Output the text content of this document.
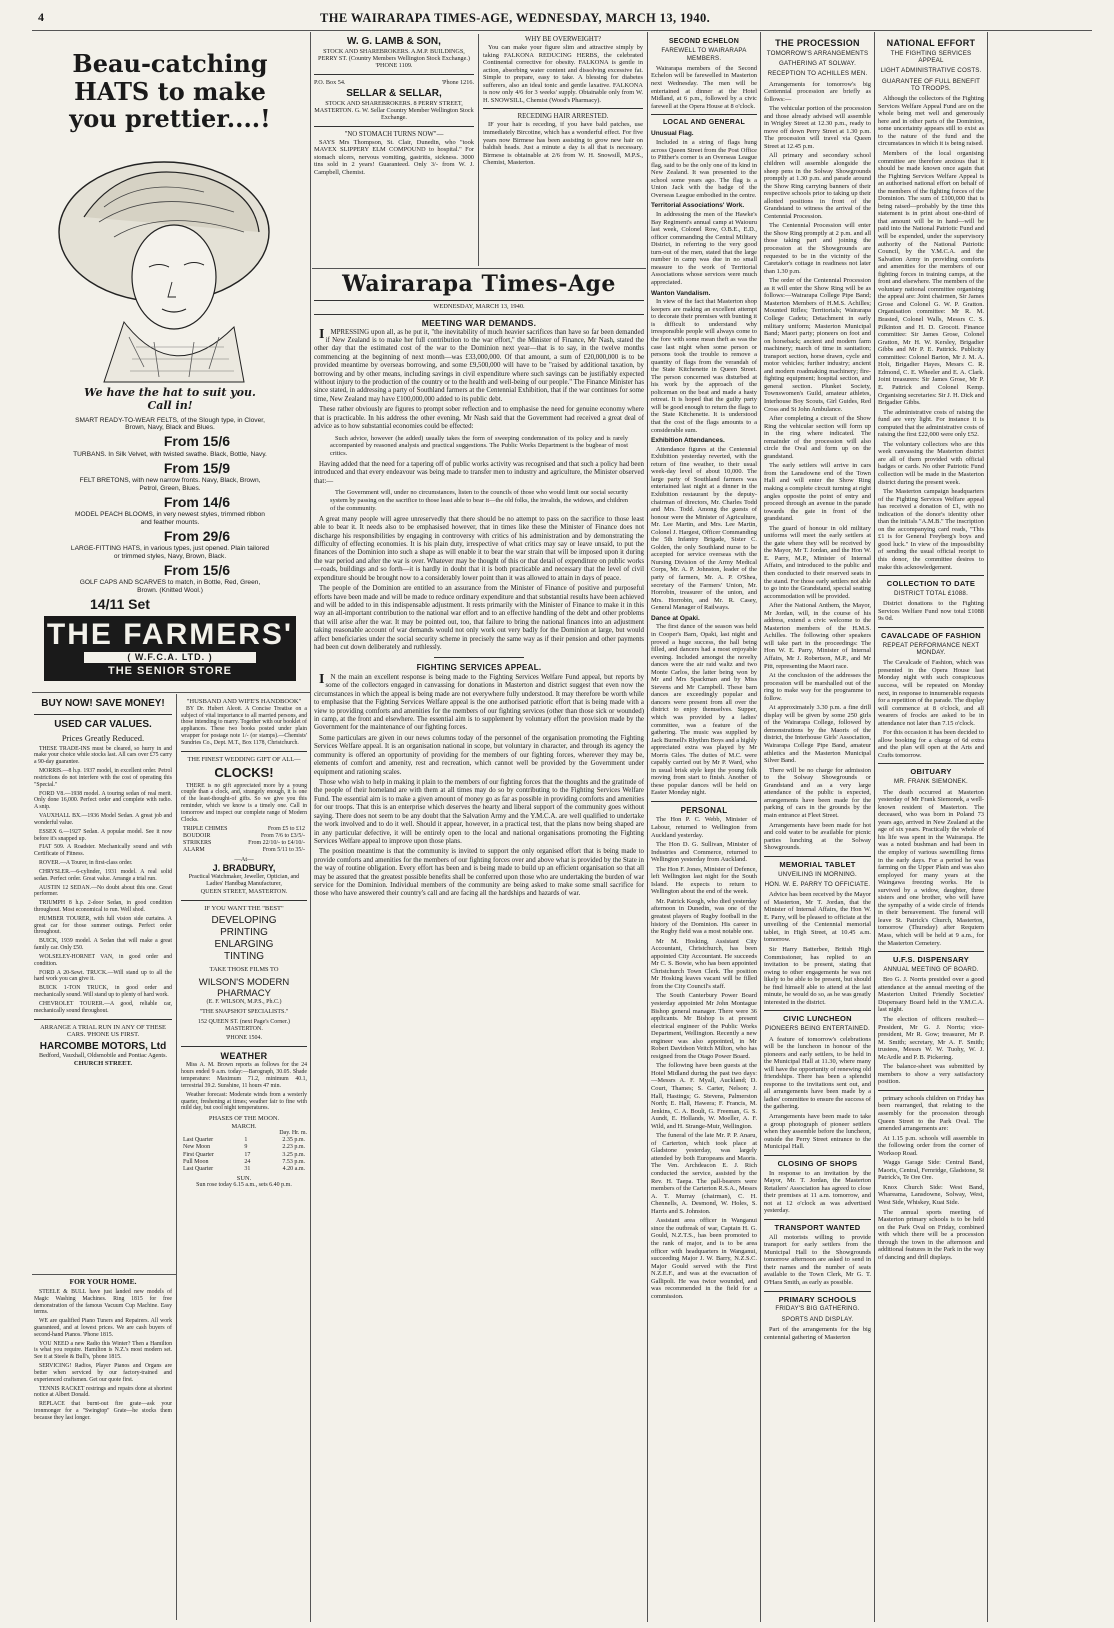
4	THE WAIRARAPA TIMES-AGE, WEDNESDAY, MARCH 13, 1940.
Beau-catching HATS to make you prettier....!
We have the hat to suit you. Call in!
SMART READY-TO-WEAR FELTS, of the Slough type, in Clover, Brown, Navy, Black and Blues.
From 15/6
TURBANS. In Silk Velvet, with twisted swathe. Black, Bottle, Navy.
From 15/9
FELT BRETONS, with new narrow fronts. Navy, Black, Brown, Petrol, Green, Blues.
From 14/6
MODEL PEACH BLOOMS, in very newest styles, trimmed ribbon and feather mounts.
From 29/6
LARGE-FITTING HATS, in various types, just opened. Plain tailored or trimmed styles, Navy, Brown, Black.
From 15/6
GOLF CAPS AND SCARVES to match, in Bottle, Red, Green, Brown. (Knitted Wool.)
14/11 Set
THE FARMERS'
( W.F.C.A. LTD. )
THE SENIOR STORE
BUY NOW! SAVE MONEY!
USED CAR VALUES.
Prices Greatly Reduced.

THESE TRADE-INS must be cleared, so hurry in and make your choice while stocks last. All cars over £75 carry a 90-day guarantee.

MORRIS.—8 h.p. 1937 model, in excellent order. Petrol restrictions do not interfere with the cost of operating this "Special."

FORD V8.—1938 model. A touring sedan of real merit. Only done 16,000. Perfect order and complete with radio. A snip.

VAUXHALL BX.—1936 Model Sedan. A great job and wonderful value.

ESSEX 6.—1927 Sedan. A popular model. See it now before it's snapped up.

FIAT 509. A Roadster. Mechanically sound and with Certificate of Fitness.

ROVER.—A Tourer, in first-class order.

CHRYSLER.—6-cylinder, 1931 model. A real solid sedan. Perfect order. Great value. Arrange a trial run.

AUSTIN 12 SEDAN.—No doubt about this one. Great performer.

TRIUMPH 8 h.p. 2-door Sedan, in good condition throughout. Most economical to run. Well shod.

HUMBER TOURER, with full vision side curtains. A great car for those summer outings. Perfect order throughout.

BUICK, 1939 model. A Sedan that will make a great family car. Only £50.

WOLSELEY-HORNET VAN, in good order and condition.

FORD A 20-Sewt. TRUCK.—Will stand up to all the hard work you can give it.

BUICK 1-TON TRUCK, in good order and mechanically sound. Will stand up to plenty of hard work.

CHEVROLET TOURER.—A good, reliable car, mechanically sound throughout.

ARRANGE A TRIAL RUN IN ANY OF THESE CARS. 'PHONE US FIRST.
HARCOMBE MOTORS, Ltd
Bedford, Vauxhall, Oldsmobile and Pontiac Agents.
CHURCH STREET.
FOR YOUR HOME.

STEELE & BULL have just landed new models of Magic Washing Machines. Ring 1815 for free demonstration of the famous Vacuum Cup Machine. Easy terms.

WE are qualified Piano Tuners and Repairers. All work guaranteed, and at lowest prices. We are cash buyers of second-hand Pianos. 'Phone 1815.

YOU NEED a new Radio this Winter? Then a Hamilton is what you require. Hamilton is N.Z.'s most modern set. See it at Steele & Bull's, 'phone 1815.

SERVICING! Radios, Player Pianos and Organs are better when serviced by our factory-trained and experienced craftsmen. Get our quote first.

TENNIS RACKET restrings and repairs done at shortest notice at Albert Donald.

REPLACE that burnt-out fire grate—ask your ironmonger for a "Swingtop" Grate—he stocks them because they last longer.

"HUSBAND AND WIFE'S HANDBOOK"

BY Dr. Hubert Aleott. A Concise Treatise on a subject of vital importance to all married persons, and those intending to marry. Together with our booklet of appliances. These two books posted under plain wrapper for postage note 1/- (or stamps).—Chemists' Sundries Co., Dept. M.T., Box 1178, Christchurch.

THE FINEST WEDDING GIFT OF ALL—
CLOCKS!

THERE is no gift appreciated more by a young couple than a clock, and, strangely enough, it is one of the least-thought-of gifts. So we give you this reminder, which we know is a timely one. Call in tomorrow and inspect our complete range of Modern Clocks.

TRIPLE CHIMES	From £5 to £12
BOUDOIR	From 7/6 to £3/5/-
STRIKERS	From 22/10/- to £4/10/-
ALARM	From 5/11 to 35/-
—At—
J. BRADBURY,
Practical Watchmaker, Jeweller, Optician, and Ladies' Handbag Manufacturer,
QUEEN STREET, MASTERTON.
IF YOU WANT THE "BEST"
DEVELOPING
PRINTING
ENLARGING
TINTING
TAKE THOSE FILMS TO
WILSON'S MODERN PHARMACY
(E. F. WILSON, M.P.S., Ph.C.)
"THE SNAPSHOT SPECIALISTS."
152 QUEEN ST. (next Page's Corner.) MASTERTON.
'PHONE 1504.
WEATHER

Miss A. M. Brown reports as follows for the 24 hours ended 9 a.m. today:—Barograph, 30.05. Shade temperature: Maximum 71.2, minimum 40.1, terrestrial 39.2. Sunshine, 11 hours 47 min.

Weather forecast: Moderate winds from a westerly quarter, freshening at times; weather fair to fine with mild day, but cool night temperatures.

PHASES OF THE MOON.
MARCH.
Day. Hr. m.
Last Quarter	1	2.35 p.m.
New Moon	9	2.23 p.m.
First Quarter	17	3.25 p.m.
Full Moon	24	7.53 p.m.
Last Quarter	31	4.20 a.m.
SUN.
Sun rose today 6.15 a.m., sets 6.40 p.m.
W. G. LAMB & SON,
STOCK AND SHAREBROKERS. A.M.P. BUILDINGS, PERRY ST. (Country Members Wellington Stock Exchange.)
'PHONE 1109.
P.O. Box 54.	'Phone 1216.
SELLAR & SELLAR,
STOCK AND SHAREBROKERS. 8 PERRY STREET, MASTERTON. G. W. Sellar Country Member Wellington Stock Exchange.
"NO STOMACH TURNS NOW"—

SAYS Mrs Thompson, St. Clair, Dunedin, who "took MAVEX SLIPPERY ELM COMPOUND to hospital." For stomach ulcers, nervous vomiting, gastritis, sickness. 3000 tins sold in 2 years! Guaranteed. Only 3/- from W. J. Campbell, Chemist.

WHY BE OVERWEIGHT?

You can make your figure slim and attractive simply by taking FALKONA REDUCING HERBS, the celebrated Continental corrective for obesity. FALKONA is gentle in action, absorbing water content and dissolving excessive fat. Simple to prepare, easy to take. A blessing for diabetes sufferers, also an ideal tonic and gentle laxative. FALKONA is now only 4/6 for 3 weeks' supply. Obtainable only from W. H. SNOWSILL, Chemist (Wood's Pharmacy).

RECEDING HAIR ARRESTED.

IF your hair is receding, if you have bald patches, use immediately Bircotine, which has a wonderful effect. For five years now Birmese has been assisting to grow new hair on baldish heads. Just a minute a day is all that is necessary. Birmese is obtainable at 2/6 from W. H. Snowsill, M.P.S., Chemist, Masterton.

Wairarapa Times-Age
WEDNESDAY, MARCH 13, 1940.
MEETING WAR DEMANDS.

IMPRESSING upon all, as he put it, "the inevitability of much heavier sacrifices than have so far been demanded if New Zealand is to make her full contribution to the war effort," the Minister of Finance, Mr Nash, stated the other day that the estimated cost of the war to the Dominion next year—that is to say, in the twelve months commencing at the beginning of next month—was £33,000,000. Of that amount, a sum of £20,000,000 is to be provided meantime by overseas borrowing, and some £9,500,000 will have to be "raised by additional taxation, by borrowing and by other means, including savings in civil expenditure where such savings can be justifiably expected without injury to the production of the country or to the health and well-being of our people." The Finance Minister has since stated, in addressing a party of Southland farmers at the Centennial Exhibition, that if the war continues for some time, New Zealand may have £100,000,000 added to its public debt.

These rather obviously are figures to prompt sober reflection and to emphasise the need for genuine economy where that is practicable. In his address the other evening, Mr Nash said that the Government had received a great deal of advice as to how substantial economies could be effected:

Such advice, however (he added) usually takes the form of sweeping condemnation of its policy and is rarely accompanied by reasoned analysis and practical suggestions. The Public Works Department is the bugbear of most critics.

Having added that the need for a tapering off of public works activity was recognised and that such a policy had been introduced and that every endeavour was being made to transfer men to industry and agriculture, the Minister observed that:—

The Government will, under no circumstances, listen to the councils of those who would limit our social security system by passing on the sacrifice to those least able to bear it—the old folks, the invalids, the widows, and children of the community.

A great many people will agree unreservedly that there should be no attempt to pass on the sacrifice to those least able to bear it. It needs also to be emphasised however, that in times like these the Minister of Finance does not discharge his responsibilities by engaging in controversy with critics of his administration and by demonstrating the difficulty of effecting economies. It is his plain duty, irrespective of what critics may say or leave unsaid, to put the finances of the Dominion into such a shape as will enable it to bear the war strain that will be imposed upon it during the war period and after the war is over. Whatever may be thought of this or that detail of expenditure on public works—roads, buildings and so forth—it is hardly in doubt that it is both practicable and necessary that the level of civil expenditure should be brought now to a considerably lower point than it was allowed to attain in days of peace.

The people of the Dominion are entitled to an assurance from the Minister of Finance of positive and purposeful efforts have been made and will be made to reduce ordinary expenditure and that substantial results have been achieved and will be added to in this indispensable adjustment. It rests primarily with the Minister of Finance to make it in this way an all-important contribution to the national war effort and to an effective handling of the debt and other problems that will arise after the war. It may be pointed out, too, that failure to bring the national finances into an adjustment taking reasonable account of war demands would not only work out very badly for the Dominion at large, but would affect beneficiaries under the social security scheme in precisely the same way as if their pension and other payments had been cut down deliberately and ruthlessly.

FIGHTING SERVICES APPEAL.

IN the main an excellent response is being made to the Fighting Services Welfare Fund appeal, but reports by some of the collectors engaged in canvassing for donations in Masterton and district suggest that even now the circumstances in which the appeal is being made are not everywhere fully understood. It may therefore be worth while to emphasise that the Fighting Services Welfare appeal is the one authorised patriotic effort that is being made with a view to providing comforts and amenities for the members of our fighting services (other than those sick or wounded) in camp, at the front and elsewhere. The essential aim is to supplement by voluntary effort the provision made by the Government for the maintenance of our fighting forces.

Some particulars are given in our news columns today of the personnel of the organisation promoting the Fighting Services Welfare appeal. It is an organisation national in scope, but voluntary in character, and through its agency the community is offered an opportunity of providing for the members of our fighting forces, wherever they may be, elements of comfort and amenity, rest and recreation, which cannot well be provided by the Government under equipment and rationing scales.

Those who wish to help in making it plain to the members of our fighting forces that the thoughts and the gratitude of the people of their homeland are with them at all times may do so by contributing to the Fighting Services Welfare Fund. The essential aim is to make a given amount of money go as far as possible in providing comforts and amenities for our troops. That this is an enterprise which deserves the hearty and liberal support of the community goes without saying. There does not seem to be any doubt that the Salvation Army and the Y.M.C.A. are well qualified to undertake the work involved and to do it well. Should it appear, however, in a practical test, that the plans now being shaped are in any particular defective, it will be entirely open to the local and national organisations promoting the Fighting Services Welfare appeal to improve upon those plans.

The position meantime is that the community is invited to support the only organised effort that is being made to provide comforts and amenities for the members of our fighting forces over and above what is provided by the State in the way of routine obligation. Every effort has been and is being made to build up an efficient organisation so that all may be assured that the greatest possible benefits shall be conferred upon those who are undertaking the burden of war service for the Dominion. Individual members of the community are being asked to make some small sacrifice for those who have answered their country's call and are facing all the hardships and hazards of war.

SECOND ECHELON
FAREWELL TO WAIRARAPA MEMBERS.

Wairarapa members of the Second Echelon will be farewelled in Masterton next Wednesday. The men will be entertained at dinner at the Hotel Midland, at 6 p.m., followed by a civic farewell at the Opera House at 8 o'clock.

LOCAL AND GENERAL
Unusual Flag.

Included in a string of flags hung across Queen Street from the Post Office to Pitther's corner is an Overseas League flag, said to be the only one of its kind in New Zealand. It was presented to the school some years ago. The flag is a Union Jack with the badge of the Overseas League embodied in the centre.

Territorial Associations' Work.

In addressing the men of the Hawke's Bay Regiment's annual camp at Waiouru last week, Colonel Row, O.B.E., E.D., officer commanding the Central Military District, in referring to the very good turn-out of the men, stated that the large number in camp was due in no small measure to the work of Territorial Associations whose services were much appreciated.

Wanton Vandalism.

In view of the fact that Masterton shop keepers are making an excellent attempt to decorate their premises with bunting it is difficult to understand why irresponsible people will always come to the fore with some mean theft as was the case last night when some person or persons took the trouble to remove a quantity of flags from the verandah of the State Kitchenette in Queen Street. The person concerned was disturbed at his work by the approach of the policeman on the beat and made a hasty retreat. It is hoped that the guilty party will be good enough to return the flags to the State Kitchenette. It is understood that the cost of the flags amounts to a considerable sum.

Exhibition Attendances.

Attendance figures at the Centennial Exhibition yesterday reverted, with the return of fine weather, to their usual week-day level of about 10,000. The large party of Southland farmers was entertained last night at a dinner in the Exhibition restaurant by the deputy-chairman of directors, Mr. Charles Todd and Mrs. Todd. Among the guests of honour were the Minister of Agriculture, Mr. Lee Martin, and Mrs. Lee Martin, Colonel J. Hargest, Officer Commanding the 5th Infantry Brigade, Sister C. Golden, the only Southland nurse to be accepted for service overseas with the Nursing Division of the Army Medical Corps, Mr. A. P. Johnston, leader of the party of farmers, Mr. A. P. O'Shea, secretary of the Farmers' Union, Mr. Horrobin, treasurer of the union, and Mrs. Horrobin, and Mr. R. Casey, General Manager of Railways.

Dance at Opaki.

The first dance of the season was held in Cooper's Barn, Opaki, last night and proved a huge success, the hall being filled, and dancers had a most enjoyable evening. Included amongst the novelty dances were the air raid waltz and two Monte Carlos, the latter being won by Mr and Mrs Spackman and by Miss Stevens and Mr Campbell. These barn dances are exceedingly popular and dancers were present from all over the district to enjoy themselves. Supper, which was provided by a ladies' committee, was a feature of the gathering. The music was supplied by Jack Burnell's Rhythm Boys and a highly appreciated extra was played by Mr Morris Giles. The duties of M.C. were capably carried out by Mr P. Ward, who in usual brisk style kept the young folk moving from start to finish. Another of these popular dances will be held on Easter Monday night.

PERSONAL

The Hon P. C. Webb, Minister of Labour, returned to Wellington from Auckland yesterday.

The Hon D. G. Sullivan, Minister of Industries and Commerce, returned to Wellington yesterday from Auckland.

The Hon F. Jones, Minister of Defence, left Wellington last night for the South Island. He expects to return to Wellington about the end of the week.

Mr. Patrick Keogh, who died yesterday afternoon in Dunedin, was one of the greatest players of Rugby football in the history of the Dominion. His career in the Rugby field was a most notable one.

Mr M. Hosking, Assistant City Accountant, Christchurch, has been appointed City Accountant. He succeeds Mr C. S. Bowie, who has been appointed Christchurch Town Clerk. The position Mr Hosking leaves vacant will be filled from the City Council's staff.

The South Canterbury Power Board yesterday appointed Mr John Montague Bishop general manager. There were 36 applicants. Mr Bishop is at present electrical engineer of the Public Works Department, Wellington. Recently a new engineer was also appointed, in Mr Robert Davidson Veitch Milton, who has resigned from the Otago Power Board.

The following have been guests at the Hotel Midland during the past two days:—Messrs A. F. Myall, Auckland; D. Court, Thames; S. Carter, Nelson; J. Hall, Hastings; G. Stevens, Palmerston North; E. Hall, Hawera; F. Francis, M. Jenkins, C. A. Boult, G. Freeman, G. S. Aundt, E. Hollands, W. Moeller, A. F. Wild, and H. Strange-Muir, Wellington.

The funeral of the late Mr. P. P. Anaru, of Carterton, which took place at Gladstone yesterday, was largely attended by both Europeans and Maoris. The Ven. Archdeacon E. J. Rich conducted the service, assisted by the Rev. H. Taepa. The pall-bearers were members of the Carterton R.S.A., Messrs A. T. Murray (chairman), C. H. Chennells, A. Desmond, W. Holes, S. Harris and S. Johnston.

Assistant area officer in Wanganui since the outbreak of war, Captain H. G. Gould, N.Z.T.S., has been promoted to the rank of major, and is to be area officer with headquarters in Wanganui, succeeding Major J. W. Barry, N.Z.S.C. Major Gould served with the First N.Z.E.F., and was at the evacuation of Gallipoli. He was twice wounded, and was recommended in the field for a commission.

THE PROCESSION
TOMORROW'S ARRANGEMENTS
GATHERING AT SOLWAY.
RECEPTION TO ACHILLES MEN.

Arrangements for tomorrow's big Centennial procession are briefly as follows:—

The vehicular portion of the procession and those already advised will assemble in Wrigley Street at 12.30 p.m., ready to move off down Perry Street at 1.30 p.m. The procession will travel via Queen Street at 12.45 p.m.

All primary and secondary school children will assemble alongside the sheep pens in the Solway Showgrounds promptly at 1.30 p.m. and parade around the Show Ring carrying banners of their respective schools prior to taking up their allotted positions in front of the Grandstand to witness the arrival of the Centennial Procession.

The Centennial Procession will enter the Show Ring promptly at 2 p.m. and all those taking part and joining the procession at the Showgrounds are requested to be in the vicinity of the Caretaker's cottage in readiness not later than 1.30 p.m.

The order of the Centennial Procession as it will enter the Show Ring will be as follows:—Wairarapa College Pipe Band; Masterton Members of H.M.S. Achilles; Mounted Rifles; Territorials; Wairarapa College Cadets; Detachment in early military uniform; Masterton Municipal Band; Maori party; pioneers on foot and on horseback; ancient and modern farm machinery; march of time in sanitation; transport section, horse drawn, cycle and motor vehicles; further industry; ancient and modern roadmaking machinery; fire-fighting equipment; hospital section, and general section. Plunket Society, Townswomen's Guild, amateur athletes, Interhouse Boy Scouts, Girl Guides, Red Cross and St John Ambulance.

After completing a circuit of the Show Ring the vehicular section will form up in the ring where indicated. The remainder of the procession will also circle the Oval and form up on the grandstand.

The early settlers will arrive in cars from the Lansdowne end of the Town Hall and will enter the Show Ring making a complete circuit turning at right angles opposite the point of entry and proceed through an avenue in the parade towards the gate in front of the grandstand.

The guard of honour in old military uniforms will meet the early settlers at the gate where they will be received by the Mayor, Mr T. Jordan, and the Hon W. E. Parry, M.P., Minister of Internal Affairs, and introduced to the public and then conducted to their reserved seats in the stand. For those early settlers not able to go into the Grandstand, special seating accommodation will be provided.

After the National Anthem, the Mayor, Mr Jordan, will, in the course of his address, extend a civic welcome to the Masterton members of the H.M.S. Achilles. The following other speakers will take part in the proceedings: The Hon W. E. Parry, Minister of Internal Affairs, Mr J. Robertson, M.P., and Mr Pitt, representing the Maori race.

At the conclusion of the addresses the procession will be marshalled out of the ring to make way for the programme to follow.

At approximately 3.30 p.m. a fine drill display will be given by some 250 girls of the Wairarapa College, followed by demonstrations by the Maoris of the district, the Interhouse Girls' Association, Wairarapa College Pipe Band, amateur athletics and the Masterton Municipal Silver Band.

There will be no charge for admission to the Solway Showgrounds or Grandstand and as a very large attendance of the public is expected, arrangements have been made for the parking of cars in the grounds by the main entrance at Fleet Street.

Arrangements have been made for hot and cold water to be available for picnic parties lunching at the Solway Showgrounds.

MEMORIAL TABLET
UNVEILING IN MORNING.
HON. W. E. PARRY TO OFFICIATE.

Advice has been received by the Mayor of Masterton, Mr T. Jordan, that the Minister of Internal Affairs, the Hon W. E. Parry, will be pleased to officiate at the unveiling of the Centennial memorial tablet, in High Street, at 10.45 a.m. tomorrow.

Sir Harry Batterbee, British High Commissioner, has replied to an invitation to be present, stating that owing to other engagements he was not likely to be able to be present, but should he find himself able to attend at the last minute, he would do so, as he was greatly interested in the district.

CIVIC LUNCHEON
PIONEERS BEING ENTERTAINED.

A feature of tomorrow's celebrations will be the luncheon in honour of the pioneers and early settlers, to be held in the Municipal Hall at 11.30, where many will have the opportunity of renewing old friendships. There has been a splendid response to the invitations sent out, and all arrangements have been made by a ladies' committee to ensure the success of the gathering.

Arrangements have been made to take a group photograph of pioneer settlers when they assemble before the luncheon, outside the Perry Street entrance to the Municipal Hall.

CLOSING OF SHOPS

In response to an invitation by the Mayor, Mr. T. Jordan, the Masterton Retailers' Association has agreed to close their premises at 11 a.m. tomorrow, and not at 12 o'clock as was advertised yesterday.

TRANSPORT WANTED

All motorists willing to provide transport for early settlers from the Municipal Hall to the Showgrounds tomorrow afternoon are asked to send in their names and the number of seats available to the Town Clerk, Mr G. T. O'Hara Smith, as early as possible.

PRIMARY SCHOOLS
FRIDAY'S BIG GATHERING.
SPORTS AND DISPLAY.

Part of the arrangements for the big centennial gathering of Masterton

NATIONAL EFFORT
THE FIGHTING SERVICES APPEAL
LIGHT ADMINISTRATIVE COSTS.
GUARANTEE OF FULL BENEFIT TO TROOPS.

Although the collectors of the Fighting Services Welfare Appeal Fund are on the whole being met well and generously here and in other parts of the Dominion, some uncertainty appears still to exist as to the nature of the fund and the circumstances in which it is being raised.

Members of the local organising committee are therefore anxious that it should be made known once again that the Fighting Services Welfare Appeal is an authorised national effort on behalf of the members of the fighting forces of the Dominion. The sum of £100,000 that is being raised—probably by the time this statement is in print about one-third of that amount will be in hand—will be paid into the National Patriotic Fund and will be expended, under the supervisory authority of the National Patriotic Council, by the Y.M.C.A. and the Salvation Army in providing comforts and amenities for the members of our fighting forces in training camps, at the front and elsewhere. The members of the voluntary national committee organising the appeal are: Joint chairmen, Sir James Grose and Colonel G. W. P. Gratton. Organisation committee: Mr R. M. Brasted, Colonel Walls, Messrs C. S. Pilkinton and H. D. Grocott. Finance committee: Sir James Grose, Colonel Gratton, Mr H. W. Kersley, Brigadier Gibbs and Mr P. E. Pattrick. Publicity committee: Colonel Barton, Mr J. M. A. Holt, Brigadier Hayes, Messrs C. R. Edmond, C. E. Wheeler and E. A. Clark. Joint treasurers: Sir James Grose, Mr P. E. Pattrick and Colonel Kemp. Organising secretaries: Sir J. H. Dick and Brigadier Gibbs.

The administrative costs of raising the fund are very light. For instance it is computed that the administrative costs of raising the first £22,000 were only £52.

The voluntary collectors who are this week canvassing the Masterton district are all of them provided with official badges or cards. No other Patriotic Fund collection will be made in the Masterton district during the present week.

The Masterton campaign headquarters of the Fighting Services Welfare appeal has received a donation of £1, with no indication of the donor's identity other than the initials "A.M.B." The inscription on the accompanying card reads, "This £1 is for General Freyberg's boys and good luck." In view of the impossibility of sending the usual official receipt to this donor, the committee desires to make this acknowledgement.

COLLECTION TO DATE
DISTRICT TOTAL £1088.

District donations to the Fighting Services Welfare Fund now total £1088 9s 0d.

CAVALCADE OF FASHION
REPEAT PERFORMANCE NEXT MONDAY.

The Cavalcade of Fashion, which was presented in the Opera House last Monday night with such conspicuous success, will be repeated on Monday next, in response to innumerable requests for a repetition of the parade. The display will commence at 8 o'clock, and all wearers of frocks are asked to be in attendance not later than 7.15 o'clock.

For this occasion it has been decided to allow booking for a charge of 6d extra and the plan will open at the Arts and Crafts tomorrow.

OBITUARY
MR. FRANK SIEMONEK.

The death occurred at Masterton yesterday of Mr Frank Siemonek, a well-known resident of Masterton. The deceased, who was born in Poland 73 years ago, arrived in New Zealand at the age of six years. Practically the whole of his life was spent in the Wairarapa. He was a noted bushman and had been in the employ of various sawmilling firms in the early days. For a period he was farming on the Upper Plain and was also employed for many years at the Waingawa freezing works. He is survived by a widow, daughter, three sisters and one brother, who will have the sympathy of a wide circle of friends in their bereavement. The funeral will leave St. Patrick's Church, Masterton, tomorrow (Thursday) after Requiem Mass, which will be held at 9 a.m., for the Masterton Cemetery.

U.F.S. DISPENSARY
ANNUAL MEETING OF BOARD.

Bro G. J. Norris presided over a good attendance at the annual meeting of the Masterton United Friendly Societies' Dispensary Board held in the Y.M.C.A. last night.

The election of officers resulted:—President, Mr G. J. Norris; vice-president, Mr R. Gow; treasurer, Mr P. M. Smith; secretary, Mr A. F. Smith; trustees, Messrs W. W. Tuohy, W. J. McArdle and P. B. Pickering.

The balance-sheet was submitted by members to show a very satisfactory position.

primary schools children on Friday has been rearranged, that relating to the assembly for the procession through Queen Street to the Park Oval. The amended arrangements are:

At 1.15 p.m. schools will assemble in the following order from the corner of Worksop Road.

Waggs Garage Side: Central Band, Maoris, Central, Fernridge, Gladstone, St Patrick's, Te Ore Ore.

Knox Church Side: West Band, Whareama, Lansdowne, Solway, West, West Side, Whiskey, Kuai Side.

The annual sports meeting of Masterton primary schools is to be held on the Park Oval on Friday, combined with which there will be a procession through the town in the afternoon and additional features in the Park in the way of dancing and drill displays.
